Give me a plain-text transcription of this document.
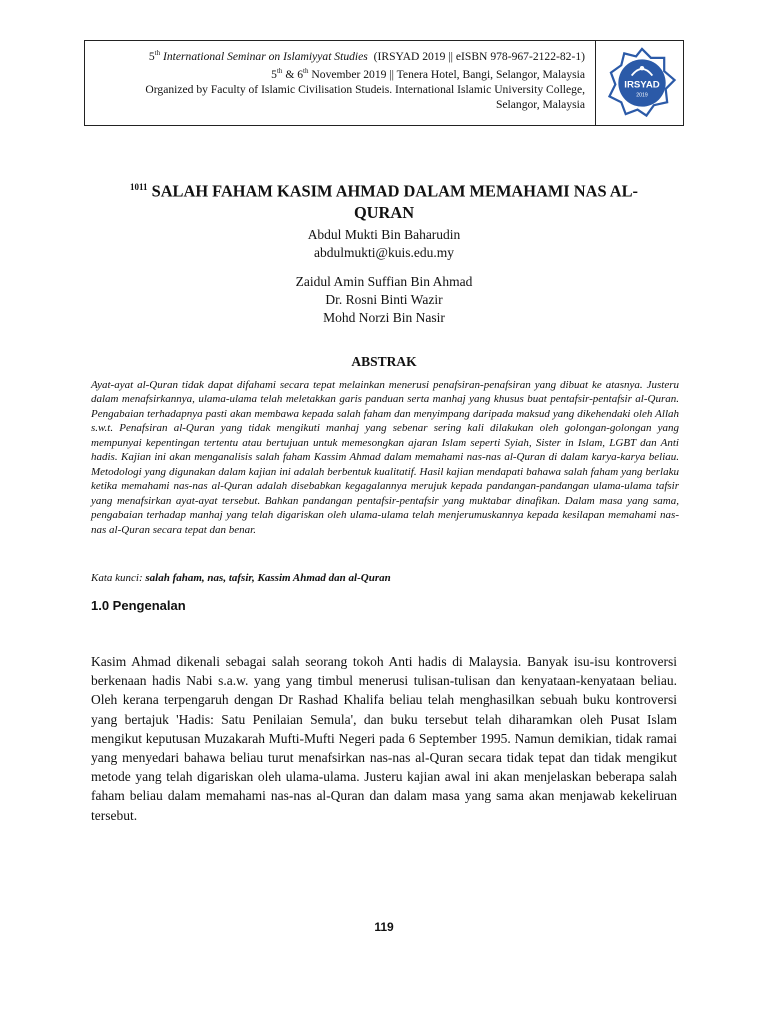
5th International Seminar on Islamiyyat Studies (IRSYAD 2019 || eISBN 978-967-2122-82-1)
5th & 6th November 2019 || Tenera Hotel, Bangi, Selangor, Malaysia
Organized by Faculty of Islamic Civilisation Studeis. International Islamic University College,
Selangor, Malaysia
IRSYAD
2019
$^{1011}$ SALAH FAHAM KASIM AHMAD DALAM MEMAHAMI NAS AL-
QURAN
Abdul Mukti Bin Baharudin
abdulmukti@kuis.edu.my
Zaidul Amin Suffian Bin Ahmad
Dr. Rosni Binti Wazir
Mohd Norzi Bin Nasir
ABSTRAK
Ayat-ayat al-Quran tidak dapat difahami secara tepat melainkan menerusi penafsiran-penafsiran yang dibuat ke atasnya. Justeru dalam menafsirkannya, ulama-ulama telah meletakkan garis panduan serta manhaj yang khusus buat pentafsir-pentafsir al-Quran. Pengabaian terhadapnya pasti akan membawa kepada salah faham dan menyimpang daripada maksud yang dikehendaki oleh Allah s.w.t. Penafsiran al-Quran yang tidak mengikuti manhaj yang sebenar sering kali dilakukan oleh golongan-golongan yang mempunyai kepentingan tertentu atau bertujuan untuk memesongkan ajaran Islam seperti Syiah, Sister in Islam, LGBT dan Anti hadis. Kajian ini akan menganalisis salah faham Kassim Ahmad dalam memahami nas-nas al-Quran di dalam karya-karya beliau. Metodologi yang digunakan dalam kajian ini adalah berbentuk kualitatif. Hasil kajian mendapati bahawa salah faham yang berlaku ketika memahami nas-nas al-Quran adalah disebabkan kegagalannya merujuk kepada pandangan-pandangan ulama-ulama tafsir yang menafsirkan ayat-ayat tersebut. Bahkan pandangan pentafsir-pentafsir yang muktabar dinafikan. Dalam masa yang sama, pengabaian terhadap manhaj yang telah digariskan oleh ulama-ulama telah menjerumuskannya kepada kesilapan memahami nas-nas al-Quran secara tepat dan benar.
Kata kunci: salah faham, nas, tafsir, Kassim Ahmad dan al-Quran
1.0 Pengenalan
Kasim Ahmad dikenali sebagai salah seorang tokoh Anti hadis di Malaysia. Banyak isu-isu kontroversi berkenaan hadis Nabi s.a.w. yang yang timbul menerusi tulisan-tulisan dan kenyataan-kenyataan beliau. Oleh kerana terpengaruh dengan Dr Rashad Khalifa beliau telah menghasilkan sebuah buku kontroversi yang bertajuk 'Hadis: Satu Penilaian Semula', dan buku tersebut telah diharamkan oleh Pusat Islam mengikut keputusan Muzakarah Mufti-Mufti Negeri pada 6 September 1995. Namun demikian, tidak ramai yang menyedari bahawa beliau turut menafsirkan nas-nas al-Quran secara tidak tepat dan tidak mengikut metode yang telah digariskan oleh ulama-ulama. Justeru kajian awal ini akan menjelaskan beberapa salah faham beliau dalam memahami nas-nas al-Quran dan dalam masa yang sama akan menjawab kekeliruan tersebut.
119
